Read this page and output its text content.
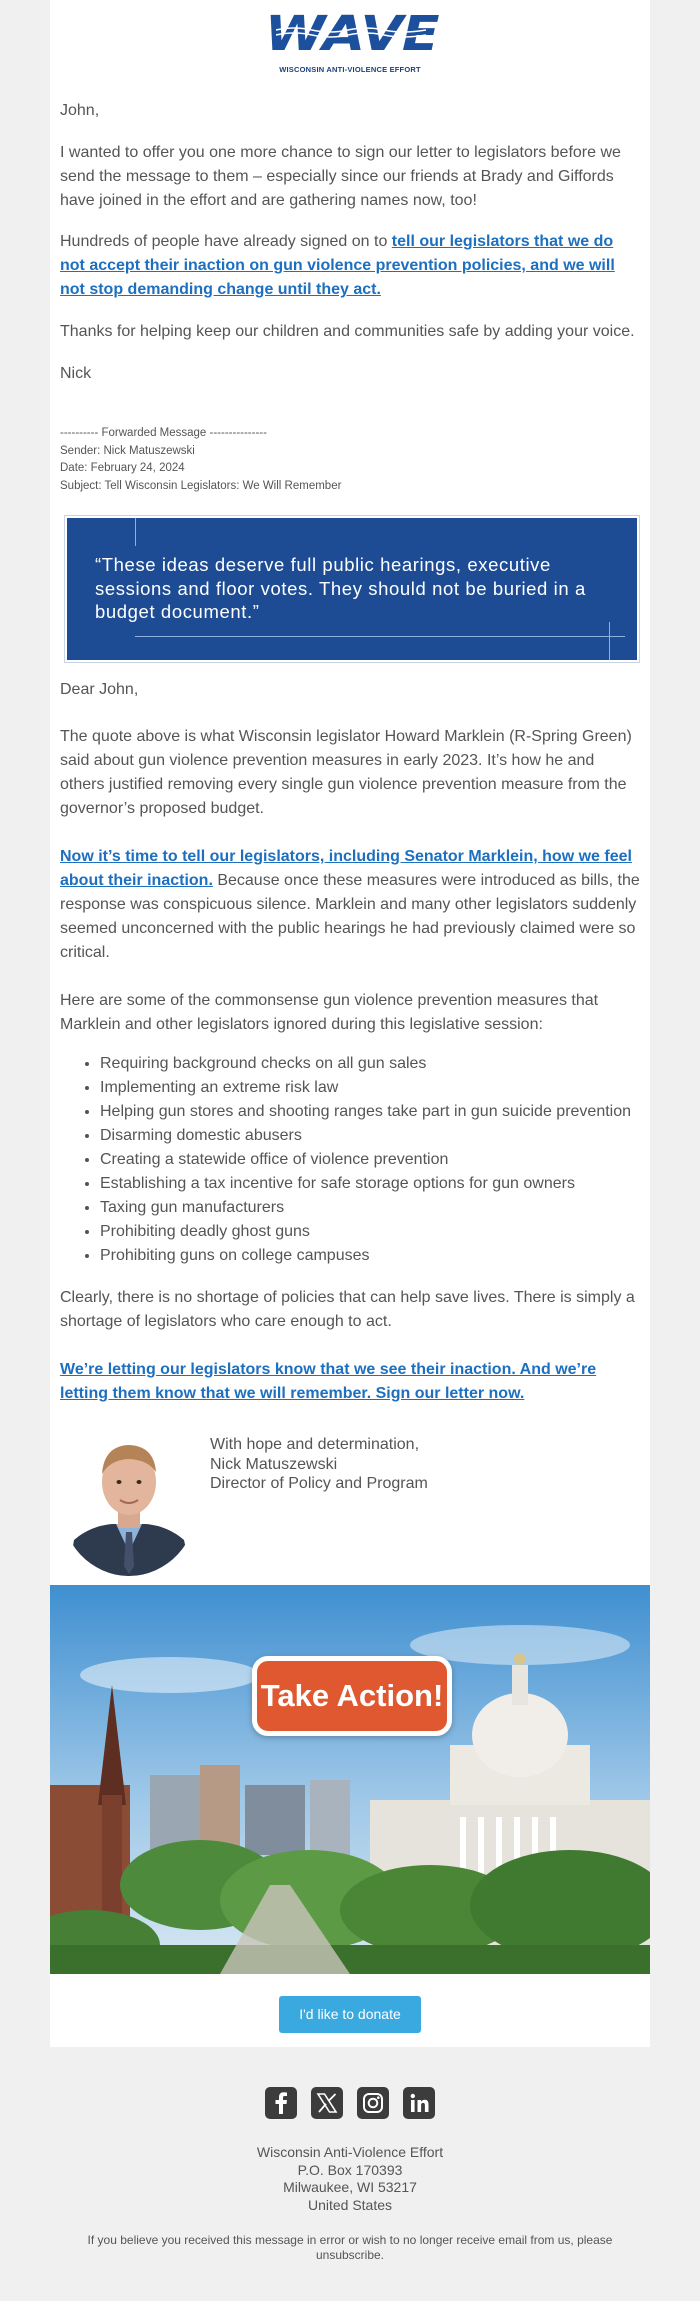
WAVE
WISCONSIN ANTI-VIOLENCE EFFORT

John,

I wanted to offer you one more chance to sign our letter to legislators before we send the message to them – especially since our friends at Brady and Giffords have joined in the effort and are gathering names now, too!

Hundreds of people have already signed on to tell our legislators that we do not accept their inaction on gun violence prevention policies, and we will not stop demanding change until they act.

Thanks for helping keep our children and communities safe by adding your voice.

Nick

---------- Forwarded Message ---------------
Sender: Nick Matuszewski
Date: February 24, 2024
Subject: Tell Wisconsin Legislators: We Will Remember
“These ideas deserve full public hearings, executive sessions and floor votes. They should not be buried in a budget document.”

Dear John,

The quote above is what Wisconsin legislator Howard Marklein (R-Spring Green) said about gun violence prevention measures in early 2023. It’s how he and others justified removing every single gun violence prevention measure from the governor’s proposed budget.

Now it’s time to tell our legislators, including Senator Marklein, how we feel about their inaction. Because once these measures were introduced as bills, the response was conspicuous silence. Marklein and many other legislators suddenly seemed unconcerned with the public hearings he had previously claimed were so critical.

Here are some of the commonsense gun violence prevention measures that Marklein and other legislators ignored during this legislative session:

• Requiring background checks on all gun sales
• Implementing an extreme risk law
• Helping gun stores and shooting ranges take part in gun suicide prevention
• Disarming domestic abusers
• Creating a statewide office of violence prevention
• Establishing a tax incentive for safe storage options for gun owners
• Taxing gun manufacturers
• Prohibiting deadly ghost guns
• Prohibiting guns on college campuses

Clearly, there is no shortage of policies that can help save lives. There is simply a shortage of legislators who care enough to act.

We’re letting our legislators know that we see their inaction. And we’re letting them know that we will remember. Sign our letter now.

With hope and determination,
Nick Matuszewski
Director of Policy and Program
Take Action!
I'd like to donate
Wisconsin Anti-Violence Effort
P.O. Box 170393
Milwaukee, WI 53217
United States
If you believe you received this message in error or wish to no longer receive email from us, please unsubscribe.
